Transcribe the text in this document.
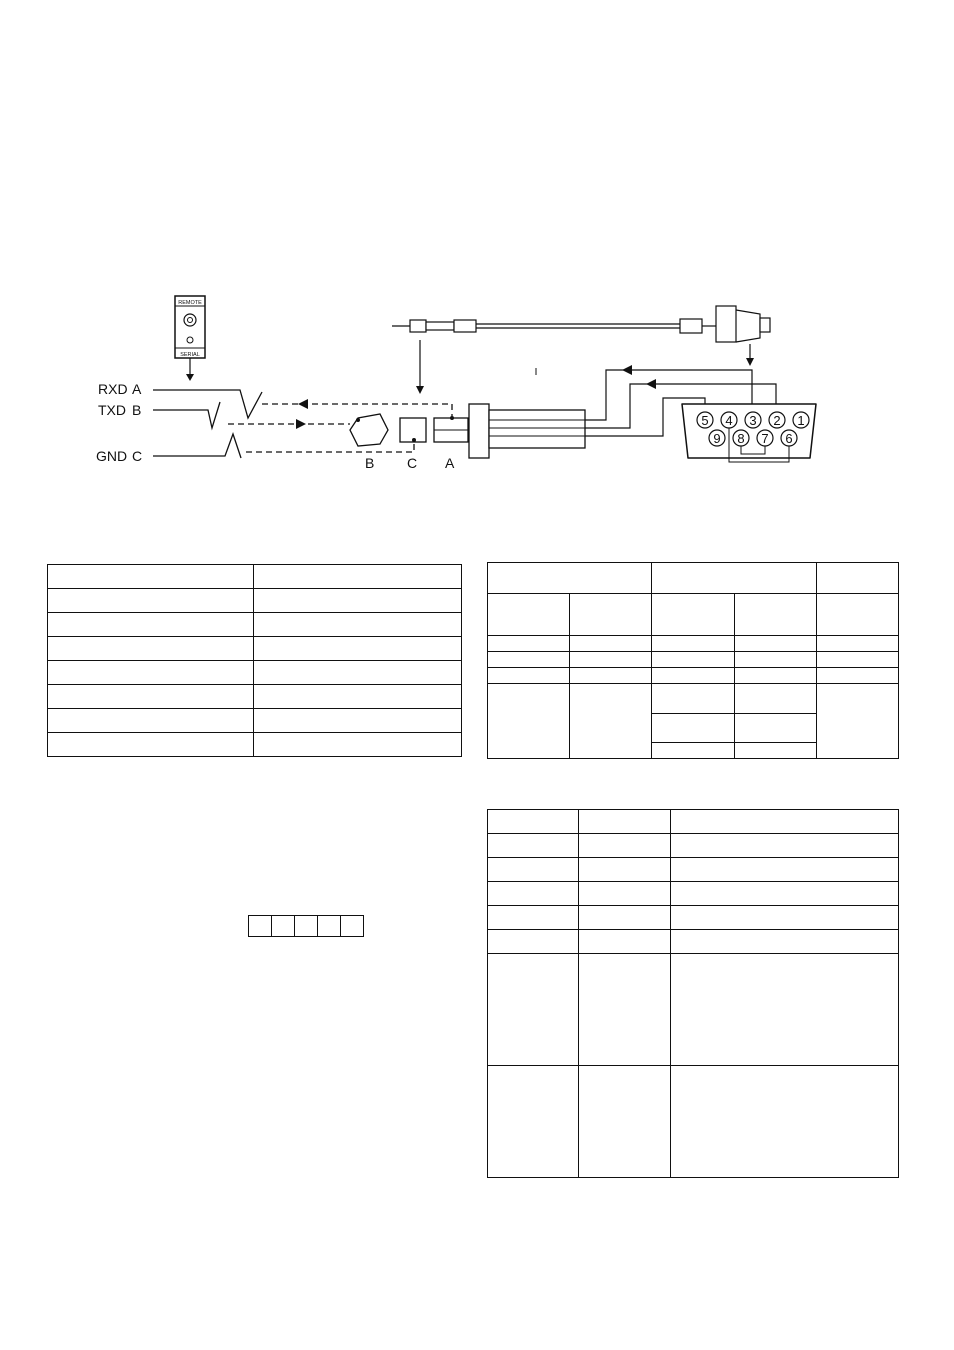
REMOTE
SERIAL
RXD A
TXD B
GND C	B C A
5 4 3 2 1
9 8 7 6
